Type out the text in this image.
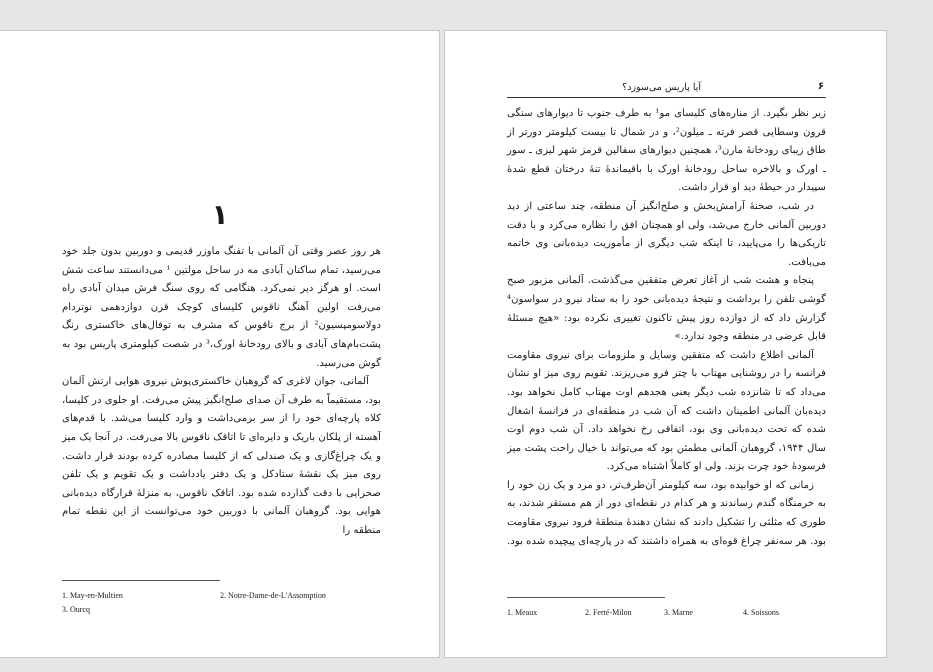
١

هر روز عصر وقتی آن آلمانی با تفنگ ماوزر قدیمی و دوربین بدون جلد خود می‌رسید، تمام ساکنان آبادی مه در ساحل مولتین ¹ می‌دانستند ساعت شش است. او هرگز دیر نمی‌کرد. هنگامی که روی سنگ فرش میدان آبادی راه می‌رفت اولین آهنگ ناقوس کلیسای کوچک قرن دوازدهمی نوتردام دولاسومپسیون² از برج ناقوس که مشرف به توفال‌های خاکستری رنگ پشت‌بام‌های آبادی و بالای رودخانهٔ اورک،³ در شصت کیلومتری پاریس بود به گوش می‌رسید.

آلمانی، جوان لاغری که گروهبان خاکستری‌پوش نیروی هوایی ارتش آلمان بود، مستقیماً به طرف آن صدای صلح‌انگیز پیش می‌رفت. او جلوی در کلیسا، کلاه پارچه‌ای خود را از سر برمی‌داشت و وارد کلیسا می‌شد. با قدم‌های آهسته از پلکان باریک و دایره‌ای تا اتاقک ناقوس بالا می‌رفت. در آنجا یک میز و یک چراغ‌گازی و یک صندلی که از کلیسا مصادره کرده بودند قرار داشت. روی میز یک نقشهٔ ستادکل و یک دفتر یادداشت و یک تقویم و یک تلفن صحرایی با دقت گذارده شده بود. اتاقک ناقوس، به منزلهٔ قرارگاه دیده‌بانی هوایی بود. گروهبان آلمانی با دوربین خود می‌توانست از این نقطه تمام منطقه را

1. May-en-Multien	2. Notre-Dame-de-L'Assomption
3. Ourcq
آیا پاریس می‌سوزد؟	۶

زیر نظر بگیرد. از مناره‌های کلیسای مو¹ به طرف جنوب تا دیوارهای سنگی قرون وسطایی قصر فرته ـ میلون²، و در شمال تا بیست کیلومتر دورتر از طاق زیبای رودخانهٔ مارن³، همچنین دیوارهای سفالین قرمز شهر لیزی ـ سور ـ اورک و بالاخره ساحل رودخانهٔ اورک با باقیماندهٔ تنهٔ درختان قطع شدهٔ سپیدار در حیطهٔ دید او قرار داشت.

در شب، صحنهٔ آرامش‌بخش و صلح‌انگیز آن منطقه، چند ساعتی از دید دوربین آلمانی خارج می‌شد، ولی او همچنان افق را نظاره می‌کرد و با دقت تاریکی‌ها را می‌پایید، تا اینکه شب دیگری از مأموریت دیده‌بانی وی خاتمه می‌یافت.

پنجاه و هشت شب از آغاز تعرض متفقین می‌گذشت. آلمانی مزبور صبح گوشی تلفن را برداشت و نتیجهٔ دیده‌بانی خود را به ستاد نیرو در سواسون⁴ گزارش داد که از دوازده روز پیش تاکنون تغییری نکرده بود: «هیچ مسئلهٔ قابل عرضی در منطقه وجود ندارد.»

آلمانی اطلاع داشت که متفقین وسایل و ملزومات برای نیروی مقاومت فرانسه را در روشنایی مهتاب با چتر فرو می‌ریزند. تقویم روی میز او نشان می‌داد که تا شانزده شب دیگر یعنی هجدهم اوت مهتاب کامل نخواهد بود. دیده‌بان آلمانی اطمینان داشت که آن شب در منطقه‌ای در فرانسهٔ اشغال شده که تحت دیده‌بانی وی بود، اتفاقی رخ نخواهد داد. آن شب دوم اوت سال ۱۹۴۴، گروهبان آلمانی مطمئن بود که می‌تواند با خیال راحت پشت میز فرسودهٔ خود چرت بزند. ولی او کاملاً اشتباه می‌کرد.

زمانی که او خوابیده بود، سه کیلومتر آن‌طرف‌تر، دو مرد و یک زن خود را به خرمنگاه گندم رساندند و هر کدام در نقطه‌ای دور از هم مستقر شدند، به طوری که مثلثی را تشکیل دادند که نشان دهندهٔ منطقهٔ فرود نیروی مقاومت بود. هر سه‌نفر چراغ قوه‌ای به همراه داشتند که در پارچه‌ای پیچیده شده بود.

1. Meaux	2. Ferté-Milon	3. Marne	4. Soissons
